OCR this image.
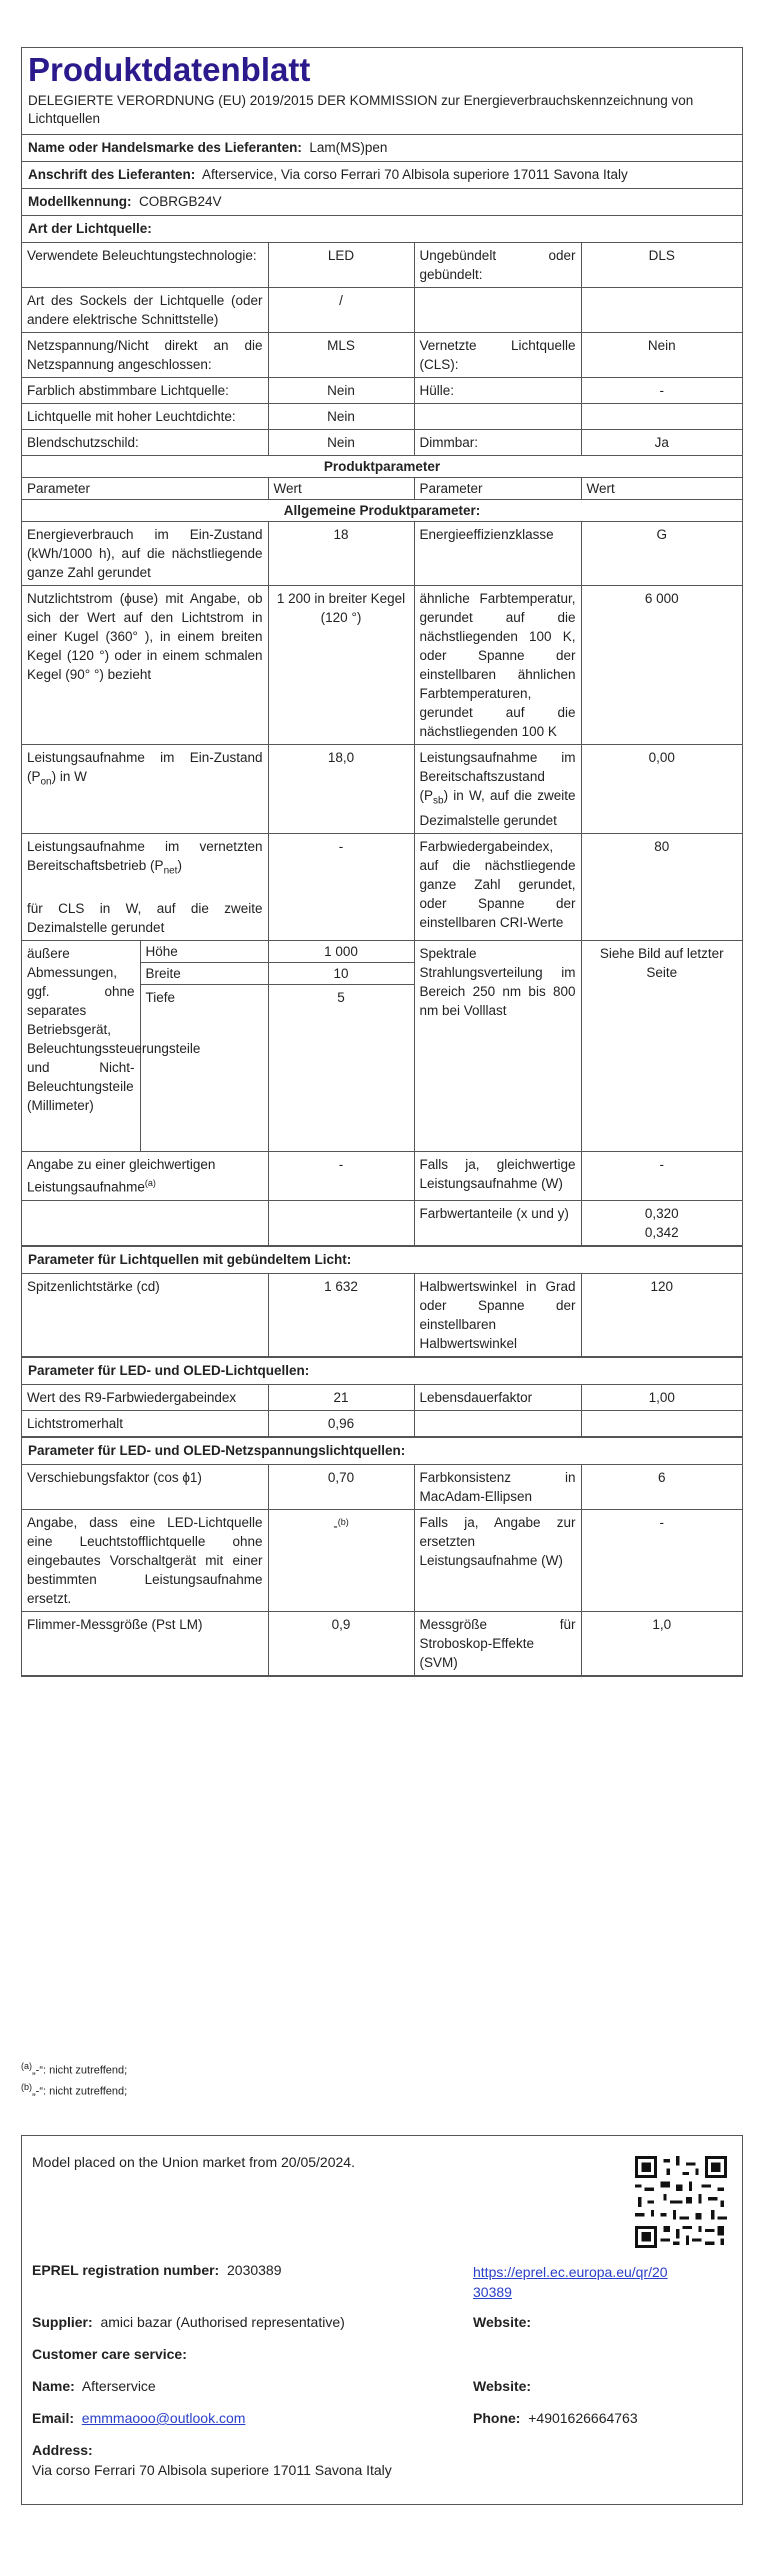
Produktdatenblatt
DELEGIERTE VERORDNUNG (EU) 2019/2015 DER KOMMISSION zur Energieverbrauchskennzeichnung von Lichtquellen
Name oder Handelsmarke des Lieferanten: Lam(MS)pen
Anschrift des Lieferanten: Afterservice, Via corso Ferrari 70 Albisola superiore 17011 Savona Italy
Modellkennung: COBRGB24V
Art der Lichtquelle:
Verwendete Beleuchtungstechnologie:	LED	Ungebündelt oder gebündelt:	DLS
Art des Sockels der Lichtquelle (oder andere elektrische Schnittstelle)	/		
Netzspannung/Nicht direkt an die Netzspannung angeschlossen:	MLS	Vernetzte Lichtquelle (CLS):	Nein
Farblich abstimmbare Lichtquelle:	Nein	Hülle:	-
Lichtquelle mit hoher Leuchtdichte:	Nein		
Blendschutzschild:	Nein	Dimmbar:	Ja
Produktparameter			
Parameter	Wert	Parameter	Wert
Allgemeine Produktparameter:			
Energieverbrauch im Ein-Zustand (kWh/1000 h), auf die nächstliegende ganze Zahl gerundet		18	Energieeffizienzklasse	G
Nutzlichtstrom (ϕuse) mit Angabe, ob sich der Wert auf den Lichtstrom in einer Kugel (360° ), in einem breiten Kegel (120 °) oder in einem schmalen Kegel (90° °) bezieht		1 200 in breiter Kegel (120 °)	ähnliche Farbtemperatur, gerundet auf die nächstliegenden 100 K, oder Spanne der einstellbaren ähnlichen Farbtemperaturen, gerundet auf die nächstliegenden 100 K	6 000
Leistungsaufnahme im Ein-Zustand $(P_{on})$ in W		18,0	Leistungsaufnahme im Bereitschaftszustand $(P_{sb})$ in W, auf die zweite Dezimalstelle gerundet	0,00
Leistungsaufnahme im vernetzten Bereitschaftsbetrieb $(P_{net})$

für CLS in W, auf die zweite Dezimalstelle gerundet		-	Farbwiedergabeindex, auf die nächstliegende ganze Zahl gerundet, oder Spanne der einstellbaren CRI-Werte	80
äußere Abmessungen, ggf. ohne separates Betriebsgerät, Beleuchtungssteuerungsteile und Nicht-Beleuchtungsteile (Millimeter)	Höhe	1 000	Spektrale Strahlungsverteilung im Bereich 250 nm bis 800 nm bei Volllast	Siehe Bild auf letzter Seite
	Breite	10		
	Tiefe	5		
Angabe zu einer gleichwertigen Leistungsaufnahme$^{(a)}$		-	Falls ja, gleichwertige Leistungsaufnahme (W)	-
			Farbwertanteile (x und y)	0,320
0,342
Parameter für Lichtquellen mit gebündeltem Licht:
Spitzenlichtstärke (cd)	1 632	Halbwertswinkel in Grad oder Spanne der einstellbaren Halbwertswinkel	120
Parameter für LED- und OLED-Lichtquellen:
Wert des R9-Farbwiedergabeindex	21	Lebensdauerfaktor	1,00
Lichtstromerhalt	0,96		
Parameter für LED- und OLED-Netzspannungslichtquellen:
Verschiebungsfaktor (cos ϕ1)	0,70	Farbkonsistenz in MacAdam-Ellipsen	6
Angabe, dass eine LED-Lichtquelle eine Leuchtstofflichtquelle ohne eingebautes Vorschaltgerät mit einer bestimmten Leistungsaufnahme ersetzt.	-$^{(b)}$	Falls ja, Angabe zur ersetzten Leistungsaufnahme (W)	-
Flimmer-Messgröße (Pst LM)	0,9	Messgröße für Stroboskop-Effekte (SVM)	1,0
$^{(a)}$„-“: nicht zutreffend;
$^{(b)}$„-“: nicht zutreffend;
Model placed on the Union market from 20/05/2024.
EPREL registration number: 2030389	https://eprel.ec.europa.eu/qr/20
30389
Supplier: amici bazar (Authorised representative)	Website:
Customer care service:
Name: Afterservice	Website:
Email: emmmaooo@outlook.com	Phone: +4901626664763
Address:
Via corso Ferrari 70 Albisola superiore 17011 Savona Italy
